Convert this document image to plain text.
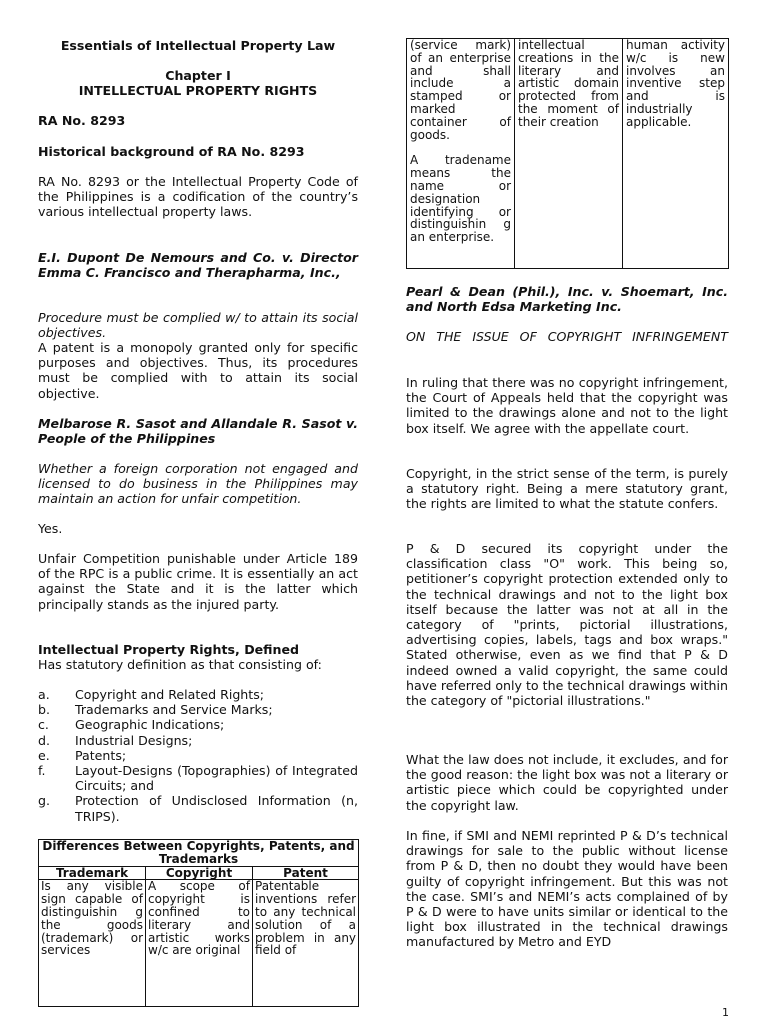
Essentials of Intellectual Property Law

Chapter I

INTELLECTUAL PROPERTY RIGHTS

RA No. 8293

Historical background of RA No. 8293

RA No. 8293 or the Intellectual Property Code of the Philippines is a codification of the country’s various intellectual property laws.

E.I. Dupont De Nemours and Co. v. Director Emma C. Francisco and Therapharma, Inc.,

Procedure must be complied w/ to attain its social objectives.

A patent is a monopoly granted only for specific purposes and objectives. Thus, its procedures must be complied with to attain its social objective.

Melbarose R. Sasot and Allandale R. Sasot v. People of the Philippines

Whether a foreign corporation not engaged and licensed to do business in the Philippines may maintain an action for unfair competition.

Yes.

Unfair Competition punishable under Article 189 of the RPC is a public crime. It is essentially an act against the State and it is the latter which principally stands as the injured party.

Intellectual Property Rights, Defined

Has statutory definition as that consisting of:

a.	Copyright and Related Rights;
b.	Trademarks and Service Marks;
c.	Geographic Indications;
d.	Industrial Designs;
e.	Patents;
f.	Layout-Designs (Topographies) of Integrated Circuits; and
g.	Protection of Undisclosed Information (n, TRIPS).
Differences Between Copyrights, Patents, and Trademarks		
Trademark	Copyright	Patent
Is any visible sign capable of distinguishin g the goods (trademark) or services	A scope of copyright is confined to literary and artistic works w/c are original	Patentable inventions refer to any technical solution of a problem in any field of
(service mark) of an enterprise and shall include a stamped or marked container of goods.
A tradename means the name or designation identifying or distinguishin g an enterprise.
	intellectual creations in the literary and artistic domain protected from the moment of their creation	human activity w/c is new involves an inventive step and is industrially applicable.

Pearl & Dean (Phil.), Inc. v. Shoemart, Inc. and North Edsa Marketing Inc.

ON THE ISSUE OF COPYRIGHT INFRINGEMENT

In ruling that there was no copyright infringement, the Court of Appeals held that the copyright was limited to the drawings alone and not to the light box itself. We agree with the appellate court.

Copyright, in the strict sense of the term, is purely a statutory right. Being a mere statutory grant, the rights are limited to what the statute confers.

P & D secured its copyright under the classification class "O" work. This being so, petitioner’s copyright protection extended only to the technical drawings and not to the light box itself because the latter was not at all in the category of "prints, pictorial illustrations, advertising copies, labels, tags and box wraps." Stated otherwise, even as we find that P & D indeed owned a valid copyright, the same could have referred only to the technical drawings within the category of "pictorial illustrations."

What the law does not include, it excludes, and for the good reason: the light box was not a literary or artistic piece which could be copyrighted under the copyright law.

In fine, if SMI and NEMI reprinted P & D’s technical drawings for sale to the public without license from P & D, then no doubt they would have been guilty of copyright infringement. But this was not the case. SMI’s and NEMI’s acts complained of by P & D were to have units similar or identical to the light box illustrated in the technical drawings manufactured by Metro and EYD

1
